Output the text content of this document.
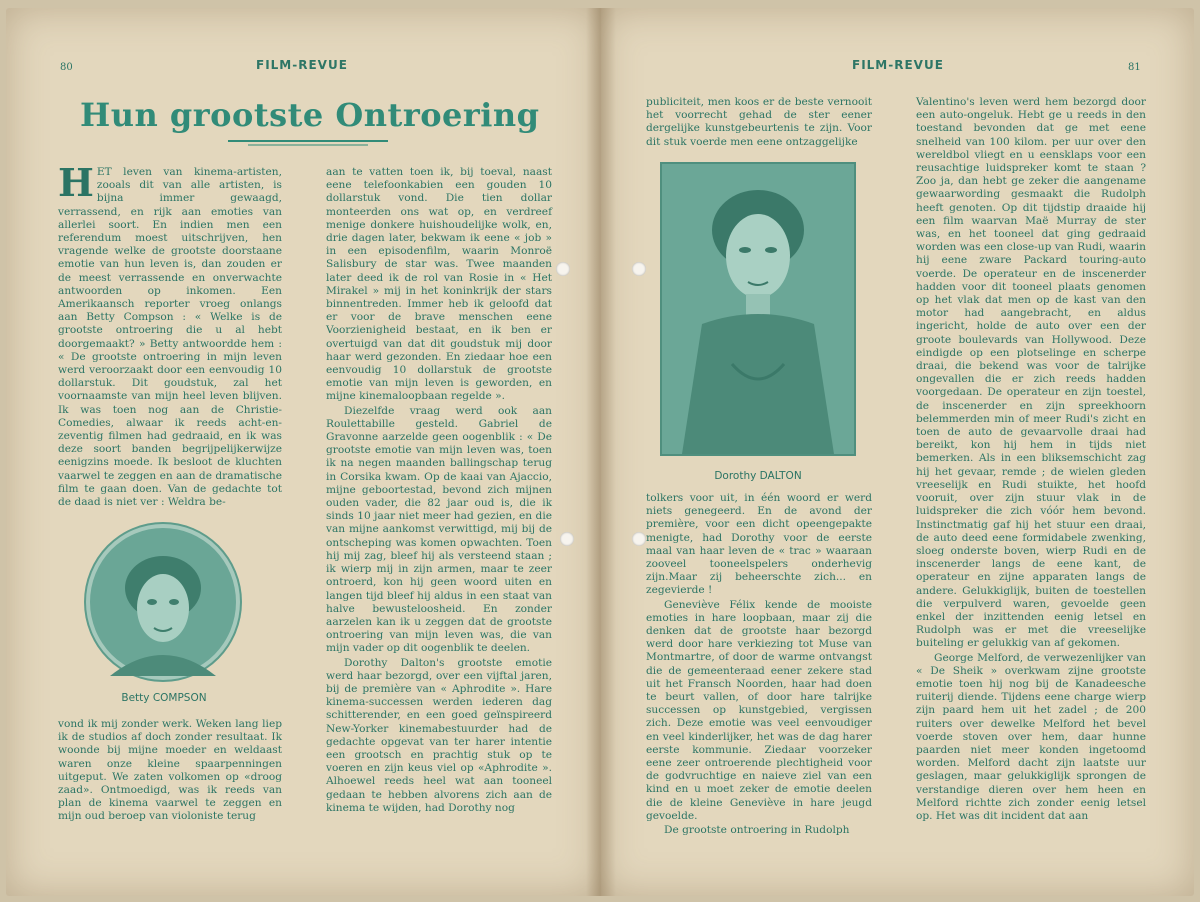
80	FILM-REVUE
Hun grootste Ontroering

HET leven van kinema-artisten, zooals dit van alle artisten, is bijna immer gewaagd, verrassend, en rijk aan emoties van allerlei soort. En indien men een referendum moest uitschrijven, hen vragende welke de grootste doorstaane emotie van hun leven is, dan zouden er de meest verrassende en onverwachte antwoorden op inkomen. Een Amerikaansch reporter vroeg onlangs aan Betty Compson : « Welke is de grootste ontroering die u al hebt doorgemaakt? » Betty antwoordde hem : « De grootste ontroering in mijn leven werd veroorzaakt door een eenvoudig 10 dollarstuk. Dit goudstuk, zal het voornaamste van mijn heel leven blijven. Ik was toen nog aan de Christie-Comedies, alwaar ik reeds acht-en-zeventig filmen had gedraaid, en ik was deze soort banden begrijpelijkerwijze eenigzins moede. Ik besloot de kluchten vaarwel te zeggen en aan de dramatische film te gaan doen. Van de gedachte tot de daad is niet ver : Weldra be-

Betty COMPSON

vond ik mij zonder werk. Weken lang liep ik de studios af doch zonder resultaat. Ik woonde bij mijne moeder en weldaast waren onze kleine spaarpenningen uitgeput. We zaten volkomen op «droog zaad». Ontmoedigd, was ik reeds van plan de kinema vaarwel te zeggen en mijn oud beroep van violoniste terug

aan te vatten toen ik, bij toeval, naast eene telefoonkabien een gouden 10 dollarstuk vond. Die tien dollar monteerden ons wat op, en verdreef menige donkere huishoudelijke wolk, en, drie dagen later, bekwam ik eene « job » in een episodenfilm, waarin Monroë Salisbury de star was. Twee maanden later deed ik de rol van Rosie in « Het Mirakel » mij in het koninkrijk der stars binnentreden. Immer heb ik geloofd dat er voor de brave menschen eene Voorzienigheid bestaat, en ik ben er overtuigd van dat dit goudstuk mij door haar werd gezonden. En ziedaar hoe een eenvoudig 10 dollarstuk de grootste emotie van mijn leven is geworden, en mijne kinemaloopbaan regelde ».

Diezelfde vraag werd ook aan Roulettabille gesteld. Gabriel de Gravonne aarzelde geen oogenblik : « De grootste emotie van mijn leven was, toen ik na negen maanden ballingschap terug in Corsika kwam. Op de kaai van Ajaccio, mijne geboortestad, bevond zich mijnen ouden vader, die 82 jaar oud is, die ik sinds 10 jaar niet meer had gezien, en die van mijne aankomst verwittigd, mij bij de ontscheping was komen opwachten. Toen hij mij zag, bleef hij als versteend staan ; ik wierp mij in zijn armen, maar te zeer ontroerd, kon hij geen woord uiten en langen tijd bleef hij aldus in een staat van halve bewusteloosheid. En zonder aarzelen kan ik u zeggen dat de grootste ontroering van mijn leven was, die van mijn vader op dit oogenblik te deelen.

Dorothy Dalton's grootste emotie werd haar bezorgd, over een vijftal jaren, bij de première van « Aphrodite ». Hare kinema-successen werden iederen dag schitterender, en een goed geïnspireerd New-Yorker kinemabestuurder had de gedachte opgevat van ter harer intentie een grootsch en prachtig stuk op te voeren en zijn keus viel op «Aphrodite ». Alhoewel reeds heel wat aan tooneel gedaan te hebben alvorens zich aan de kinema te wijden, had Dorothy nog

FILM-REVUE	81

publiciteit, men koos er de beste vernooit het voorrecht gehad de ster eener dergelijke kunstgebeurtenis te zijn. Voor dit stuk voerde men eene ontzaggelijke

Dorothy DALTON

tolkers voor uit, in één woord er werd niets genegeerd. En de avond der première, voor een dicht opeengepakte menigte, had Dorothy voor de eerste maal van haar leven de « trac » waaraan zooveel tooneelspelers onderhevig zijn.Maar zij beheerschte zich... en zegevierde !

Geneviève Félix kende de mooiste emoties in hare loopbaan, maar zij die denken dat de grootste haar bezorgd werd door hare verkiezing tot Muse van Montmartre, of door de warme ontvangst die de gemeenteraad eener zekere stad uit het Fransch Noorden, haar had doen te beurt vallen, of door hare talrijke successen op kunstgebied, vergissen zich. Deze emotie was veel eenvoudiger en veel kinderlijker, het was de dag harer eerste kommunie. Ziedaar voorzeker eene zeer ontroerende plechtigheid voor de godvruchtige en naieve ziel van een kind en u moet zeker de emotie deelen die de kleine Geneviève in hare jeugd gevoelde.

De grootste ontroering in Rudolph

Valentino's leven werd hem bezorgd door een auto-ongeluk. Hebt ge u reeds in den toestand bevonden dat ge met eene snelheid van 100 kilom. per uur over den wereldbol vliegt en u eensklaps voor een reusachtige luidspreker komt te staan ? Zoo ja, dan hebt ge zeker die aangename gewaarwording gesmaakt die Rudolph heeft genoten. Op dit tijdstip draaide hij een film waarvan Maë Murray de ster was, en het tooneel dat ging gedraaid worden was een close-up van Rudi, waarin hij eene zware Packard touring-auto voerde. De operateur en de inscenerder hadden voor dit tooneel plaats genomen op het vlak dat men op de kast van den motor had aangebracht, en aldus ingericht, holde de auto over een der groote boulevards van Hollywood. Deze eindigde op een plotselinge en scherpe draai, die bekend was voor de talrijke ongevallen die er zich reeds hadden voorgedaan. De operateur en zijn toestel, de inscenerder en zijn spreekhoorn belemmerden min of meer Rudi's zicht en toen de auto de gevaarvolle draai had bereikt, kon hij hem in tijds niet bemerken. Als in een bliksemschicht zag hij het gevaar, remde ; de wielen gleden vreeselijk en Rudi stuikte, het hoofd vooruit, over zijn stuur vlak in de luidspreker die zich vóór hem bevond. Instinctmatig gaf hij het stuur een draai, de auto deed eene formidabele zwenking, sloeg onderste boven, wierp Rudi en de inscenerder langs de eene kant, de operateur en zijne apparaten langs de andere. Gelukkiglijk, buiten de toestellen die verpulverd waren, gevoelde geen enkel der inzittenden eenig letsel en Rudolph was er met die vreeselijke buiteling er gelukkig van af gekomen.

George Melford, de verwezenlijker van « De Sheik » overkwam zijne grootste emotie toen hij nog bij de Kanadeesche ruiterij diende. Tijdens eene charge wierp zijn paard hem uit het zadel ; de 200 ruiters over dewelke Melford het bevel voerde stoven over hem, daar hunne paarden niet meer konden ingetoomd worden. Melford dacht zijn laatste uur geslagen, maar gelukkiglijk sprongen de verstandige dieren over hem heen en Melford richtte zich zonder eenig letsel op. Het was dit incident dat aan
